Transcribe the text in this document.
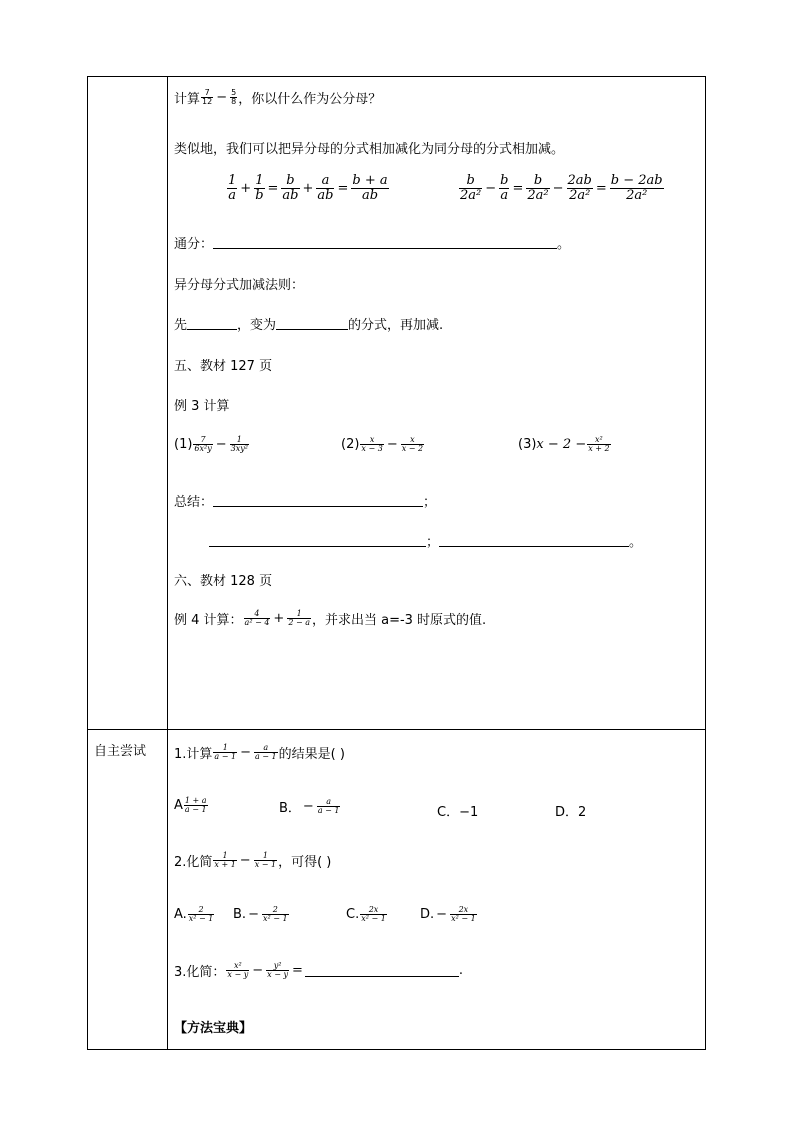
计算 $\frac{7}{12} - \frac{5}{8}$ ，你以什么作为公分母？
类似地，我们可以把异分母的分式相加减化为同分母的分式相加减。
$\frac{1}{a} + \frac{1}{b} = \frac{b}{ab} + \frac{a}{ab} = \frac{b + a}{ab}$	$\frac{b}{\text{2a²}} - \frac{b}{a} = \frac{b}{\text{2a²}} - \frac{2ab}{\text{2a²}} = \frac{b - 2ab}{\text{2a²}}$
通分：	。
异分母分式加减法则：
先	，变为	的分式，再加减.
五、教材 127 页
例 3 计算
$(1) \frac{7}{\text{6x²y}} - \frac{1}{\text{3xy²}}$	$(2) \frac{x}{x - 3} - \frac{x}{x - 2}$	(3) $x - 2 - \frac{\text{x²}}{x + 2}$
总结：	；
；	。
六、教材 128 页
例 4 计算： $\frac{4}{\text{a² − 4}} + \frac{1}{2 - a}$ ，并求出当 a=-3 时原式的值.
自主尝试 1.计算 $\frac{1}{a - 1} - \frac{a}{a - 1}$ 的结果是( )
A $\frac{1 + a}{a - 1}$	B． − $\frac{a}{a - 1}$	C．−1	D．2
2.化简 $\frac{1}{x + 1} - \frac{1}{x - 1}$ ，可得( )
A. $\frac{2}{\text{x² − 1}} B$. − $\frac{2}{\text{x² − 1}}$	C. $\frac{2x}{\text{x² − 1}}$	D. − $\frac{2x}{\text{x² − 1}}$
3.化简： $\frac{\text{x²}}{x - y} - \frac{\text{y²}}{x - y}$ =	.
【方法宝典】
